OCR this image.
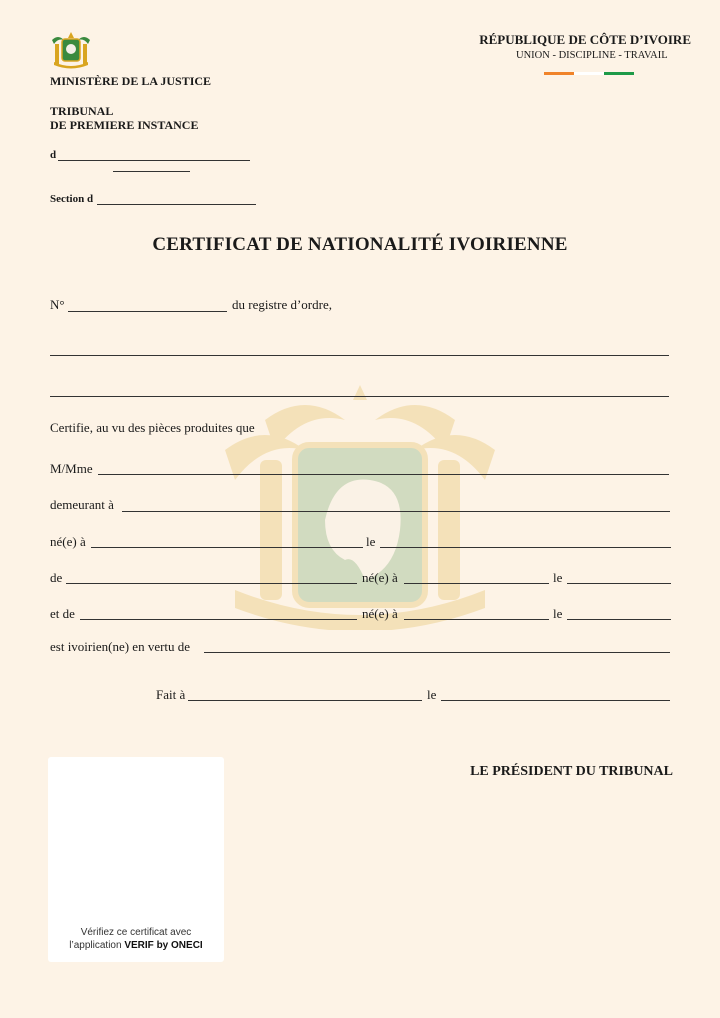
MINISTÈRE DE LA JUSTICE
TRIBUNAL
DE PREMIERE INSTANCE
d
Section d
RÉPUBLIQUE DE CÔTE D’IVOIRE
UNION - DISCIPLINE - TRAVAIL
CERTIFICAT DE NATIONALITÉ IVOIRIENNE
N°	du registre d’ordre,
Certifie, au vu des pièces produites que
M/Mme
demeurant à
né(e) à	le
de	né(e) à	le
et de	né(e) à	le
est ivoirien(ne) en vertu de
Fait à	le
LE PRÉSIDENT DU TRIBUNAL
Vérifiez ce certificat avec
l’application VERIF by ONECI
